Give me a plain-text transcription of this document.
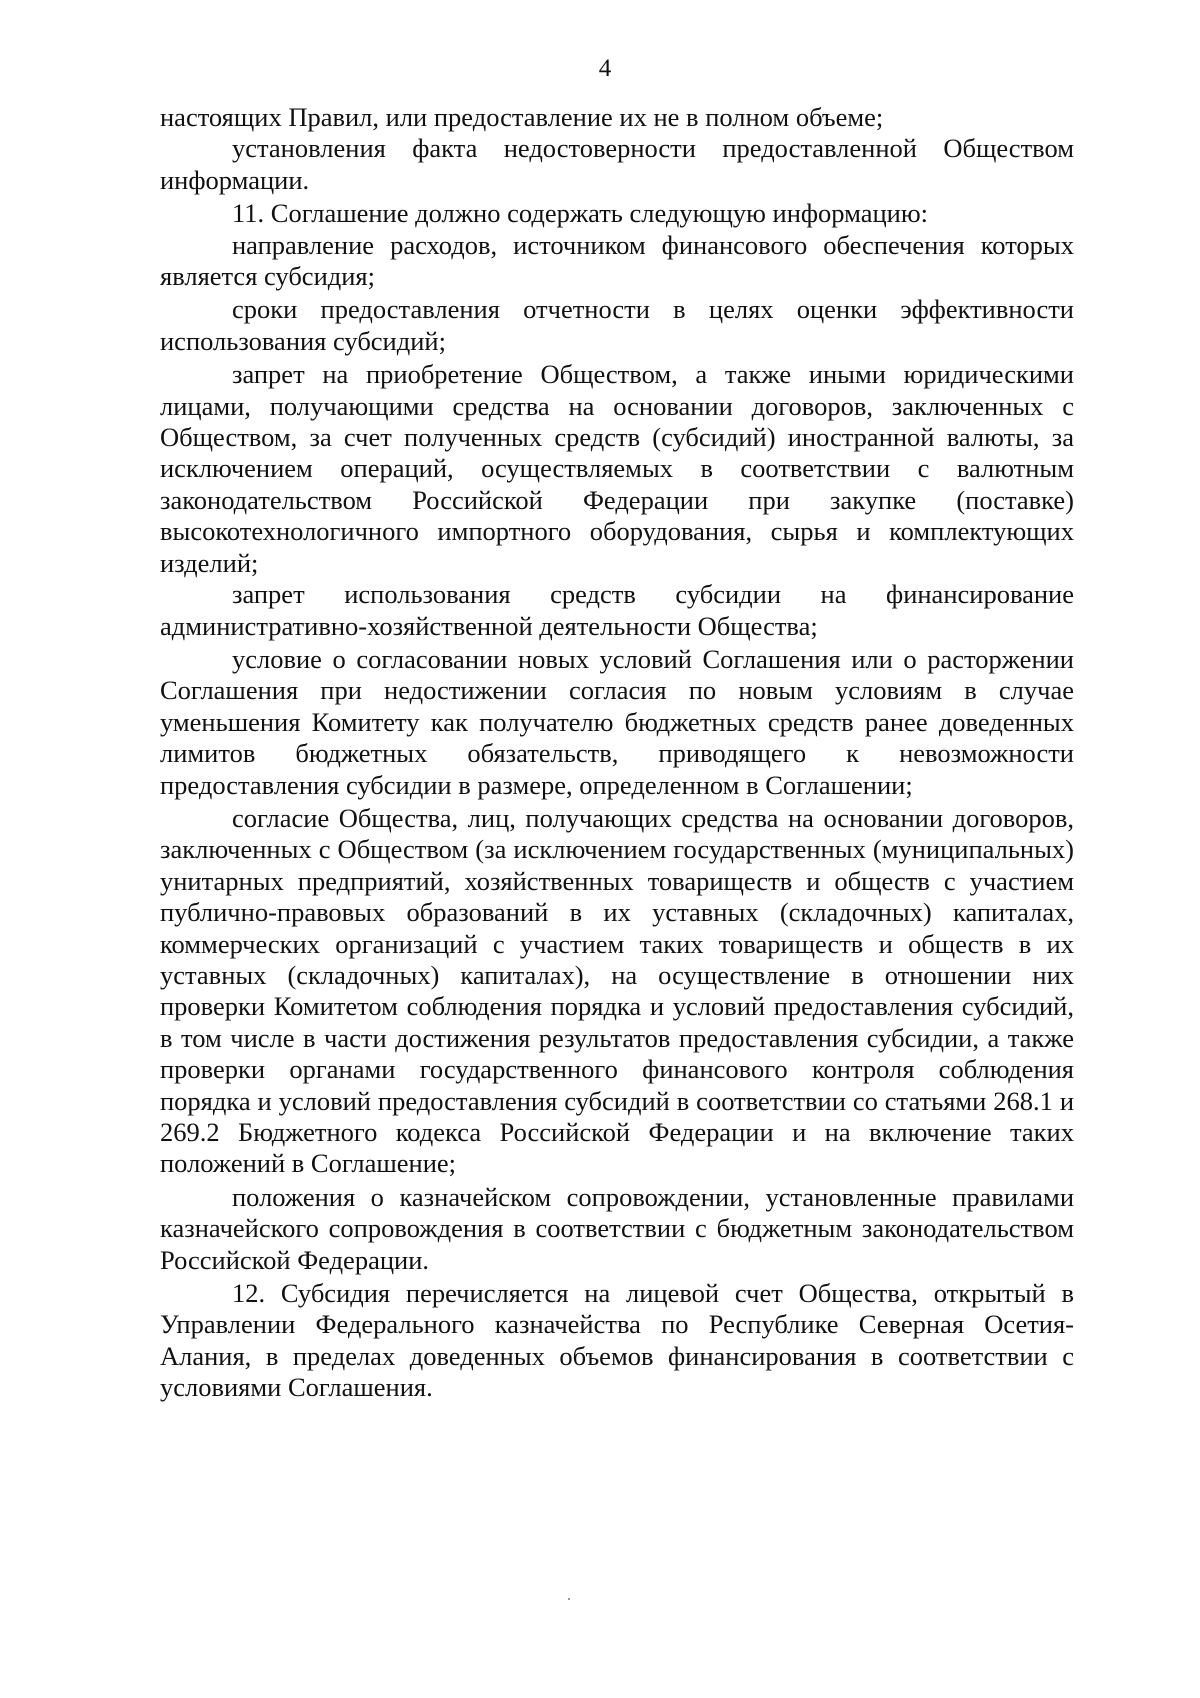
4

настоящих Правил, или предоставление их не в полном объеме;

установления факта недостоверности предоставленной Обществом информации.

11. Соглашение должно содержать следующую информацию:

направление расходов, источником финансового обеспечения которых является субсидия;

сроки предоставления отчетности в целях оценки эффективности использования субсидий;

запрет на приобретение Обществом, а также иными юридическими лицами, получающими средства на основании договоров, заключенных с Обществом, за счет полученных средств (субсидий) иностранной валюты, за исключением операций, осуществляемых в соответствии с валютным законодательством Российской Федерации при закупке (поставке) высокотехнологичного импортного оборудования, сырья и комплектующих изделий;

запрет использования средств субсидии на финансирование административно-хозяйственной деятельности Общества;

условие о согласовании новых условий Соглашения или о расторжении Соглашения при недостижении согласия по новым условиям в случае уменьшения Комитету как получателю бюджетных средств ранее доведенных лимитов бюджетных обязательств, приводящего к невозможности предоставления субсидии в размере, определенном в Соглашении;

согласие Общества, лиц, получающих средства на основании договоров, заключенных с Обществом (за исключением государственных (муниципальных) унитарных предприятий, хозяйственных товариществ и обществ с участием публично-правовых образований в их уставных (складочных) капиталах, коммерческих организаций с участием таких товариществ и обществ в их уставных (складочных) капиталах), на осуществление в отношении них проверки Комитетом соблюдения порядка и условий предоставления субсидий, в том числе в части достижения результатов предоставления субсидии, а также проверки органами государственного финансового контроля соблюдения порядка и условий предоставления субсидий в соответствии со статьями 268.1 и 269.2 Бюджетного кодекса Российской Федерации и на включение таких положений в Соглашение;

положения о казначейском сопровождении, установленные правилами казначейского сопровождения в соответствии с бюджетным законодательством Российской Федерации.

12. Субсидия перечисляется на лицевой счет Общества, открытый в Управлении Федерального казначейства по Республике Северная Осетия-Алания, в пределах доведенных объемов финансирования в соответствии с условиями Соглашения.
